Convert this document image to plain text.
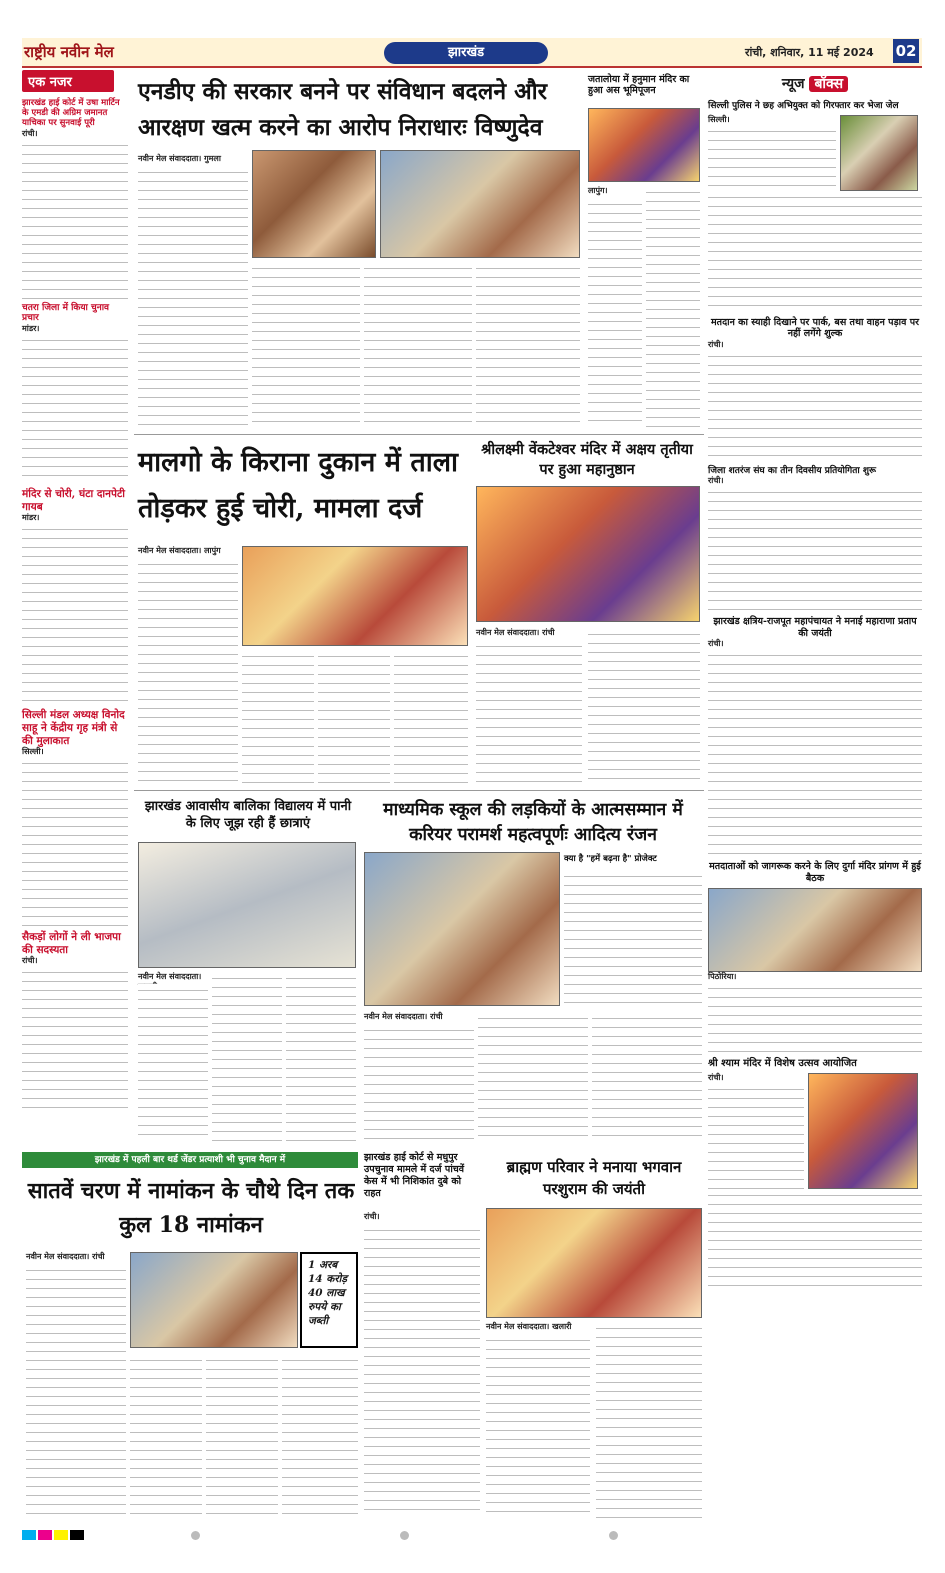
राष्ट्रीय नवीन मेल	झारखंड	रांची, शनिवार, 11 मई 2024 02
एक नजर
झारखंड हाई कोर्ट में उषा मार्टिन के एमडी की अग्रिम जमानत याचिका पर सुनवाई पूरी
रांची।
चतरा जिला में किया चुनाव प्रचार
मांडर।
मंदिर से चोरी, घंटा दानपेटी गायब
मांडर।
सिल्ली मंडल अध्यक्ष विनोद साहू ने केंद्रीय गृह मंत्री से की मुलाकात
सिल्ली।
सैकड़ों लोगों ने ली भाजपा की सदस्यता
रांची।
एनडीए की सरकार बनने पर संविधान बदलने और आरक्षण खत्म करने का आरोप निराधारः विष्णुदेव
नवीन मेल संवाददाता। गुमला
जतालोया में हनुमान मंदिर का हुआ अस भूमिपूजन
लापुंग।
मालगो के किराना दुकान में ताला तोड़कर हुई चोरी, मामला दर्ज
नवीन मेल संवाददाता। लापुंग
श्रीलक्ष्मी वेंकटेश्वर मंदिर में अक्षय तृतीया पर हुआ महानुष्ठान
नवीन मेल संवाददाता। रांची
झारखंड आवासीय बालिका विद्यालय में पानी के लिए जूझ रही हैं छात्राएं
नवीन मेल संवाददाता।
माध्यमिक स्कूल की लड़कियों के आत्मसम्मान में करियर परामर्श महत्वपूर्णः आदित्य रंजन
क्या है "हमें बढ़ना है" प्रोजेक्ट
नवीन मेल संवाददाता। रांची
न्यूज बॉक्स
सिल्ली पुलिस ने छह अभियुक्त को गिरफ्तार कर भेजा जेल
सिल्ली।
मतदान का स्याही दिखाने पर पार्क, बस तथा वाहन पड़ाव पर नहीं लगेंगे शुल्क
रांची।
जिला शतरंज संघ का तीन दिवसीय प्रतियोगिता शुरू
रांची।
झारखंड क्षत्रिय-राजपूत महापंचायत ने मनाई महाराणा प्रताप की जयंती
रांची।
मतदाताओं को जागरूक करने के लिए दुर्गा मंदिर प्रांगण में हुई बैठक
पिठोरिया।
श्री श्याम मंदिर में विशेष उत्सव आयोजित
रांची।
झारखंड में पहली बार थर्ड जेंडर प्रत्याशी भी चुनाव मैदान में
सातवें चरण में नामांकन के चौथे दिन तक कुल 18 नामांकन
नवीन मेल संवाददाता। रांची
1 अरब 14 करोड़ 40 लाख रुपये का जब्ती
झारखंड हाई कोर्ट से मधुपुर उपचुनाव मामले में दर्ज पांचवें केस में भी निशिकांत दुबे को राहत
रांची।
ब्राह्मण परिवार ने मनाया भगवान परशुराम की जयंती
नवीन मेल संवाददाता। खलारी
